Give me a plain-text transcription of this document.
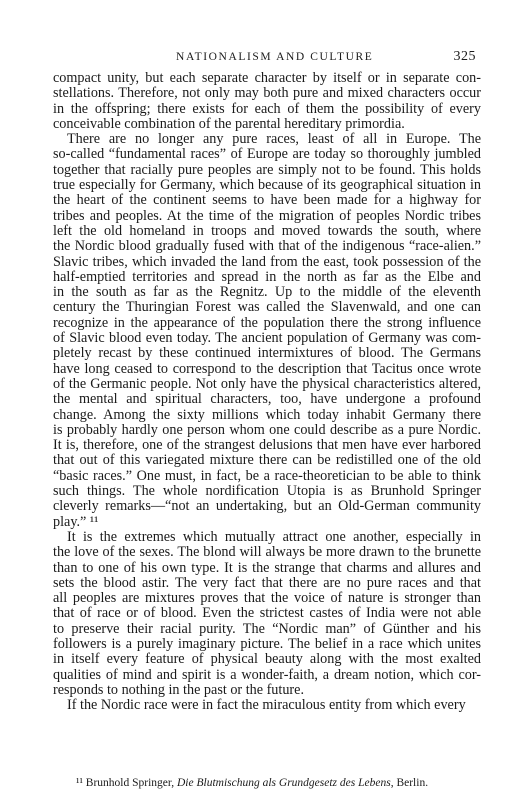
NATIONALISM AND CULTURE	325
compact unity, but each separate character by itself or in separate con-
stellations. Therefore, not only may both pure and mixed characters occur
in the offspring; there exists for each of them the possibility of every
conceivable combination of the parental hereditary primordia.
There are no longer any pure races, least of all in Europe. The
so-called “fundamental races” of Europe are today so thoroughly jumbled
together that racially pure peoples are simply not to be found. This holds
true especially for Germany, which because of its geographical situation in
the heart of the continent seems to have been made for a highway for
tribes and peoples. At the time of the migration of peoples Nordic tribes
left the old homeland in troops and moved towards the south, where
the Nordic blood gradually fused with that of the indigenous “race-alien.”
Slavic tribes, which invaded the land from the east, took possession of the
half-emptied territories and spread in the north as far as the Elbe and
in the south as far as the Regnitz. Up to the middle of the eleventh
century the Thuringian Forest was called the Slavenwald, and one can
recognize in the appearance of the population there the strong influence
of Slavic blood even today. The ancient population of Germany was com-
pletely recast by these continued intermixtures of blood. The Germans
have long ceased to correspond to the description that Tacitus once wrote
of the Germanic people. Not only have the physical characteristics altered,
the mental and spiritual characters, too, have undergone a profound
change. Among the sixty millions which today inhabit Germany there
is probably hardly one person whom one could describe as a pure Nordic.
It is, therefore, one of the strangest delusions that men have ever harbored
that out of this variegated mixture there can be redistilled one of the old
“basic races.” One must, in fact, be a race-theoretician to be able to think
such things. The whole nordification Utopia is as Brunhold Springer
cleverly remarks—“not an undertaking, but an Old-German community
play.” ¹¹
It is the extremes which mutually attract one another, especially in
the love of the sexes. The blond will always be more drawn to the brunette
than to one of his own type. It is the strange that charms and allures and
sets the blood astir. The very fact that there are no pure races and that
all peoples are mixtures proves that the voice of nature is stronger than
that of race or of blood. Even the strictest castes of India were not able
to preserve their racial purity. The “Nordic man” of Günther and his
followers is a purely imaginary picture. The belief in a race which unites
in itself every feature of physical beauty along with the most exalted
qualities of mind and spirit is a wonder-faith, a dream notion, which cor-
responds to nothing in the past or the future.
If the Nordic race were in fact the miraculous entity from which every
¹¹ Brunhold Springer, Die Blutmischung als Grundgesetz des Lebens, Berlin.
